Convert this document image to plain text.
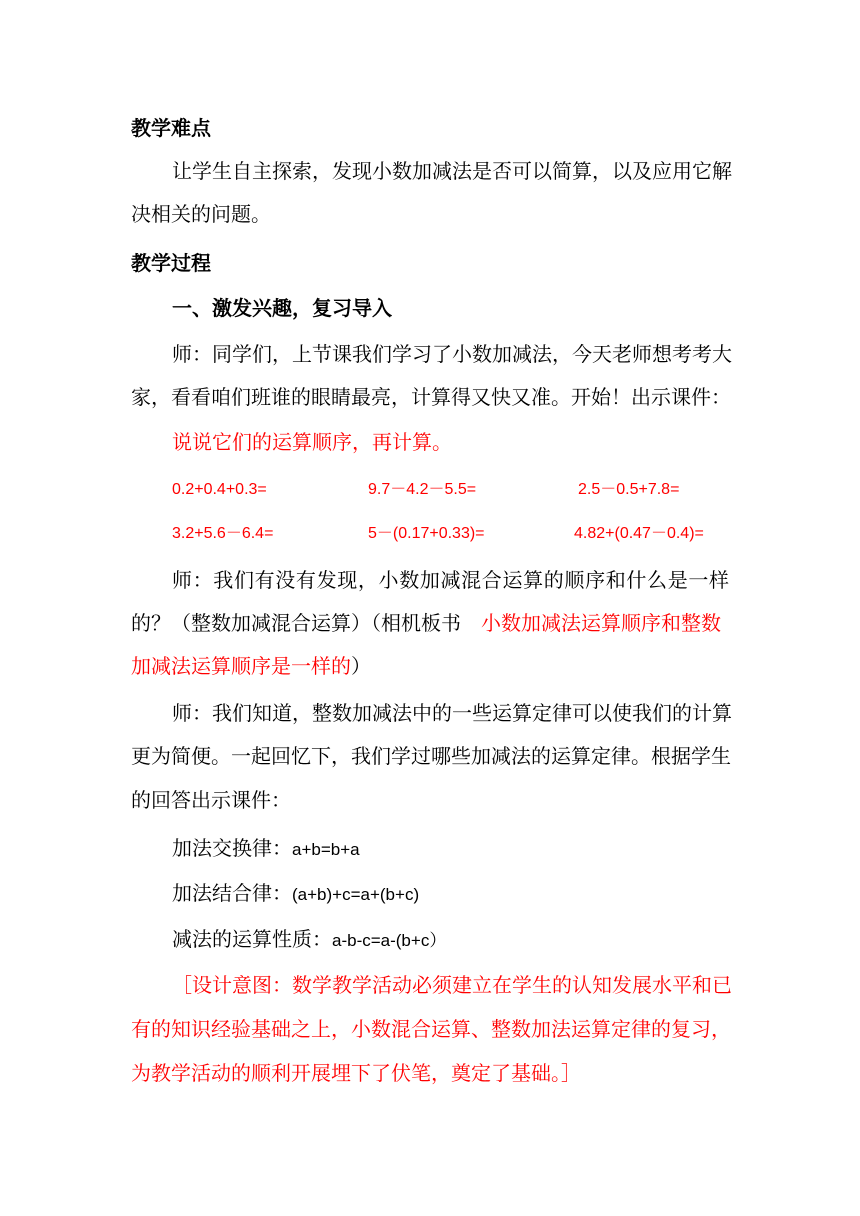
教学难点
让学生自主探索，发现小数加减法是否可以简算，以及应用它解
决相关的问题。
教学过程
一、激发兴趣，复习导入
师：同学们，上节课我们学习了小数加减法，今天老师想考考大
家，看看咱们班谁的眼睛最亮，计算得又快又准。开始！出示课件：
说说它们的运算顺序，再计算。
0.2+0.4+0.3=	9.7－4.2－5.5=	2.5－0.5+7.8=
3.2+5.6－6.4=	5－(0.17+0.33)=	4.82+(0.47－0.4)=
师：我们有没有发现，小数加减混合运算的顺序和什么是一样
的？（整数加减混合运算）（相机板书　小数加减法运算顺序和整数
加减法运算顺序是一样的）
师：我们知道，整数加减法中的一些运算定律可以使我们的计算
更为简便。一起回忆下，我们学过哪些加减法的运算定律。根据学生
的回答出示课件：
加法交换律：a+b=b+a
加法结合律：(a+b)+c=a+(b+c)
减法的运算性质：a-b-c=a-(b+c）
［设计意图：数学教学活动必须建立在学生的认知发展水平和已
有的知识经验基础之上，小数混合运算、整数加法运算定律的复习，
为教学活动的顺利开展埋下了伏笔，奠定了基础。］
